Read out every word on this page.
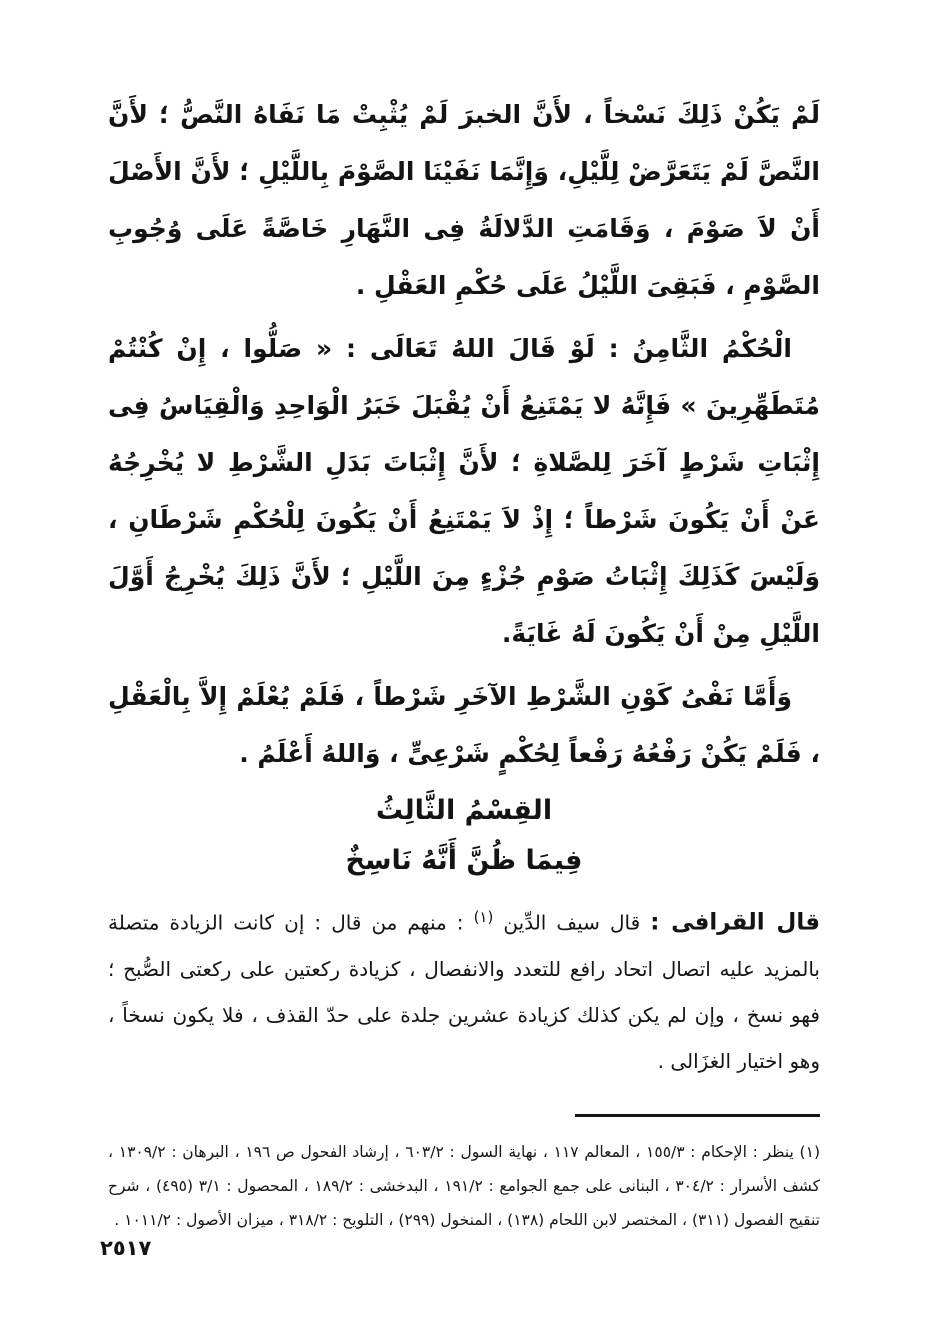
لَمْ يَكُنْ ذَلِكَ نَسْخاً ، لأَنَّ الخبرَ لَمْ يُثْبِتْ مَا نَفَاهُ النَّصُّ ؛ لأَنَّ النَّصَّ لَمْ يَتَعَرَّضْ لِلَّيْلِ، وَإِنَّمَا نَفَيْنَا الصَّوْمَ بِاللَّيْلِ ؛ لأَنَّ الأَصْلَ أَنْ لاَ صَوْمَ ، وَقَامَتِ الدَّلالَةُ فِى النَّهَارِ خَاصَّةً عَلَى وُجُوبِ الصَّوْمِ ، فَبَقِىَ اللَّيْلُ عَلَى حُكْمِ العَقْلِ .

الْحُكْمُ الثَّامِنُ : لَوْ قَالَ اللهُ تَعَالَى : « صَلُّوا ، إِنْ كُنْتُمْ مُتَطَهِّرِينَ » فَإِنَّهُ لا يَمْتَنِعُ أَنْ يُقْبَلَ خَبَرُ الْوَاحِدِ وَالْقِيَاسُ فِى إِثْبَاتِ شَرْطٍ آخَرَ لِلصَّلاةِ ؛ لأَنَّ إِثْبَاتَ بَدَلِ الشَّرْطِ لا يُخْرِجُهُ عَنْ أَنْ يَكُونَ شَرْطاً ؛ إِذْ لاَ يَمْتَنِعُ أَنْ يَكُونَ لِلْحُكْمِ شَرْطَانِ ، وَلَيْسَ كَذَلِكَ إِثْبَاتُ صَوْمِ جُزْءٍ مِنَ اللَّيْلِ ؛ لأَنَّ ذَلِكَ يُخْرِجُ أَوَّلَ اللَّيْلِ مِنْ أَنْ يَكُونَ لَهُ غَايَةً.

وَأَمَّا نَفْىُ كَوْنِ الشَّرْطِ الآخَرِ شَرْطاً ، فَلَمْ يُعْلَمْ إِلاَّ بِالْعَقْلِ ، فَلَمْ يَكُنْ رَفْعُهُ رَفْعاً لِحُكْمٍ شَرْعِىٍّ ، وَاللهُ أَعْلَمُ .

القِسْمُ الثَّالِثُ
فِيمَا ظُنَّ أَنَّهُ نَاسِخٌ

قال القرافى : قال سيف الدِّين $^{(١)}$ : منهم من قال : إن كانت الزيادة متصلة بالمزيد عليه اتصال اتحاد رافع للتعدد والانفصال ، كزيادة ركعتين على ركعتى الصُّبح ؛ فهو نسخ ، وإن لم يكن كذلك كزيادة عشرين جلدة على حدّ القذف ، فلا يكون نسخاً ، وهو اختيار الغزَالى .

(١) ينظر : الإحكام : ١٥٥/٣ ، المعالم ١١٧ ، نهاية السول : ٦٠٣/٢ ، إرشاد الفحول ص ١٩٦ ، البرهان : ١٣٠٩/٢ ، كشف الأسرار : ٣٠٤/٢ ، البنانى على جمع الجوامع : ١٩١/٢ ، البدخشى : ١٨٩/٢ ، المحصول : ٣/١ (٤٩٥) ، شرح تنقيح الفصول (٣١١) ، المختصر لابن اللحام (١٣٨) ، المنخول (٢٩٩) ، التلويح : ٣١٨/٢ ، ميزان الأصول : ١٠١١/٢ .

٢٥١٧
